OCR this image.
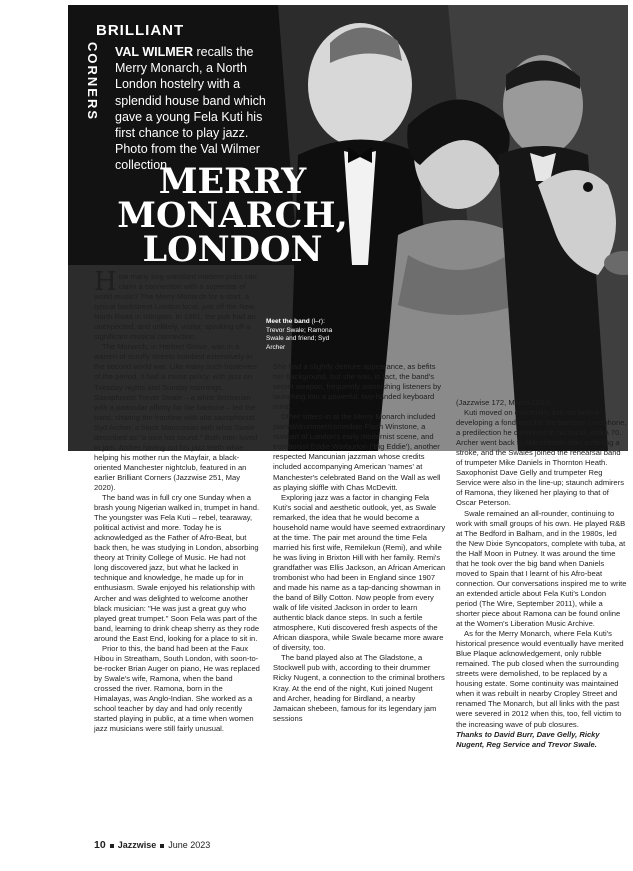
BRILLIANT
CORNERS VAL WILMER recalls the Merry Monarch, a North London hostelry with a splendid house band which gave a young Fela Kuti his first chance to play jazz. Photo from the Val Wilmer collection
MERRY
MONARCH,
LONDON
Meet the band (l–r): Trevor Swale; Ramona Swale and friend; Syd Archer

How many bog-standard modern pubs can claim a connection with a superstar of world music? The Merry Monarch for a start, a typical backstreet London local, just off the New North Road in Islington. In 1961, the pub had an unexpected, and unlikely, visitor, sparking off a significant musical connection.

The Monarch, in Herbert Grove, was in a warren of scruffy streets bombed extensively in the second world war. Like many such hostelries of the period, it had a music policy, with jazz on Tuesday nights and Sunday mornings. Saxophonist Trevor Swale – a white Brixtonian with a particular affinity for the baritone – led the band, sharing the frontline with alto saxophonist Syd Archer, a black Mancunian with what Swale described as "a nice hot sound." Both men loved to jam, Archer having cut his jazz teeth while helping his mother run the Mayfair, a black-oriented Manchester nightclub, featured in an earlier Brilliant Corners (Jazzwise 251, May 2020).

The band was in full cry one Sunday when a brash young Nigerian walked in, trumpet in hand. The youngster was Fela Kuti – rebel, tearaway, political activist and more. Today he is acknowledged as the Father of Afro-Beat, but back then, he was studying in London, absorbing theory at Trinity College of Music. He had not long discovered jazz, but what he lacked in technique and knowledge, he made up for in enthusiasm. Swale enjoyed his relationship with Archer and was delighted to welcome another black musician: "He was just a great guy who played great trumpet." Soon Fela was part of the band, learning to drink cheap sherry as they rode around the East End, looking for a place to sit in.

Prior to this, the band had been at the Faux Hibou in Streatham, South London, with soon-to-be-rocker Brian Auger on piano, He was replaced by Swale's wife, Ramona, when the band crossed the river. Ramona, born in the Himalayas, was Anglo-Indian. She worked as a school teacher by day and had only recently started playing in public, at a time when women jazz musicians were still fairly unusual.

She had a slightly demure appearance, as befits her background, but she was, in fact, the band's secret weapon, frequently astonishing listeners by launching into a powerful, two-handed keyboard romp.

Other sitters-in at the Merry Monarch included pianist/drummer/comedian Flash Winstone, a stalwart of London's early modernist scene, and trombonist Eddie Warburton ('Big Eddie'), another respected Mancunian jazzman whose credits included accompanying American 'names' at Manchester's celebrated Band on the Wall as well as playing skiffle with Chas McDevitt.

Exploring jazz was a factor in changing Fela Kuti's social and aesthetic outlook, yet, as Swale remarked, the idea that he would become a household name would have seemed extraordinary at the time. The pair met around the time Fela married his first wife, Remilekun (Remi), and while he was living in Brixton Hill with her family. Remi's grandfather was Ellis Jackson, an African American trombonist who had been in England since 1907 and made his name as a tap-dancing showman in the band of Billy Cotton. Now people from every walk of life visited Jackson in order to learn authentic black dance steps. In such a fertile atmosphere, Kuti discovered fresh aspects of the African diaspora, while Swale became more aware of diversity, too.

The band played also at The Gladstone, a Stockwell pub with, according to their drummer Ricky Nugent, a connection to the criminal brothers Kray. At the end of the night, Kuti joined Nugent and Archer, heading for Birdland, a nearby Jamaican shebeen, famous for its legendary jam sessions

(Jazzwise 172, March 2013).

Kuti moved on eventually, but not before developing a fondness for the baritone saxophone, a predilection he continued in his band, Afrika 70. Archer went back to Manchester after suffering a stroke, and the Swales joined the rehearsal band of trumpeter Mike Daniels in Thornton Heath. Saxophonist Dave Gelly and trumpeter Reg Service were also in the line-up; staunch admirers of Ramona, they likened her playing to that of Oscar Peterson.

Swale remained an all-rounder, continuing to work with small groups of his own. He played R&B at The Bedford in Balham, and in the 1980s, led the New Dixie Syncopators, complete with tuba, at the Half Moon in Putney. It was around the time that he took over the big band when Daniels moved to Spain that I learnt of his Afro-beat connection. Our conversations inspired me to write an extended article about Fela Kuti's London period (The Wire, September 2011), while a shorter piece about Ramona can be found online at the Women's Liberation Music Archive.

As for the Merry Monarch, where Fela Kuti's historical presence would eventually have merited Blue Plaque acknowledgement, only rubble remained. The pub closed when the surrounding streets were demolished, to be replaced by a housing estate. Some continuity was maintained when it was rebuilt in nearby Cropley Street and renamed The Monarch, but all links with the past were severed in 2012 when this, too, fell victim to the increasing wave of pub closures.

Thanks to David Burr, Dave Gelly, Ricky Nugent, Reg Service and Trevor Swale.

10 Jazzwise June 2023
